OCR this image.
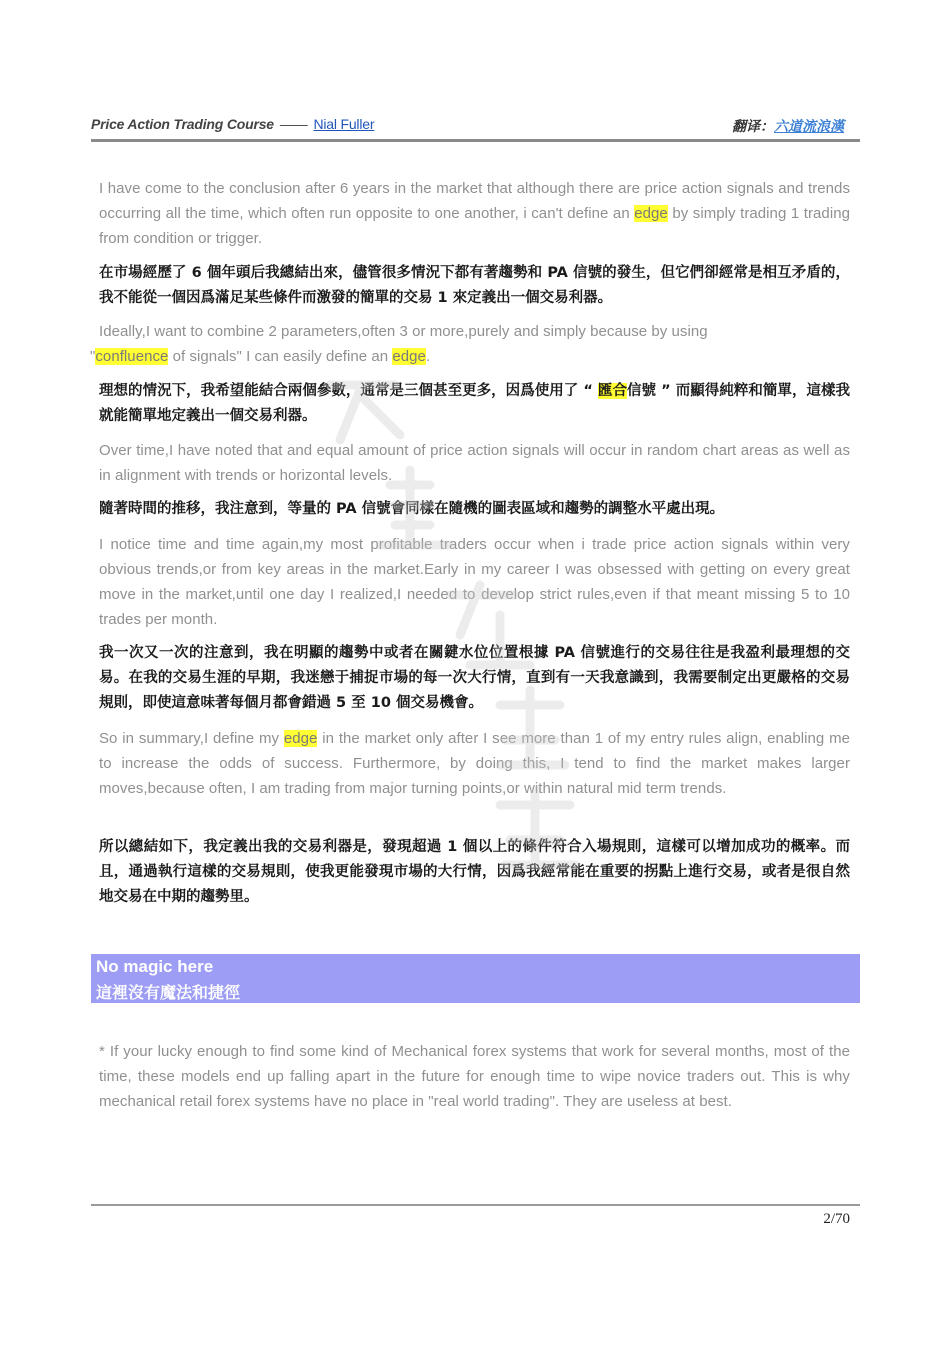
Price Action Trading Course —— Nial Fuller	翻译：六道流浪漢

I have come to the conclusion after 6 years in the market that although there are price action signals and trends occurring all the time, which often run opposite to one another, i can't define an edge by simply trading 1 trading from condition or trigger.

在市場經歷了 6 個年頭后我總結出來，儘管很多情況下都有著趨勢和 PA 信號的發生，但它們卻經常是相互矛盾的，我不能從一個因爲滿足某些條件而激發的簡單的交易 1 來定義出一個交易利器。

Ideally,I want to combine 2 parameters,often 3 or more,purely and simply because by using
"confluence of signals" I can easily define an edge.

理想的情況下，我希望能結合兩個參數，通常是三個甚至更多，因爲使用了 “ 匯合信號 ” 而顯得純粹和簡單，這樣我就能簡單地定義出一個交易利器。

Over time,I have noted that and equal amount of price action signals will occur in random chart areas as well as in alignment with trends or horizontal levels.

隨著時間的推移，我注意到，等量的 PA 信號會同樣在隨機的圖表區域和趨勢的調整水平處出現。

I notice time and time again,my most profitable traders occur when i trade price action signals within very obvious trends,or from key areas in the market.Early in my career I was obsessed with getting on every great move in the market,until one day I realized,I needed to develop strict rules,even if that meant missing 5 to 10 trades per month.

我一次又一次的注意到，我在明顯的趨勢中或者在關鍵水位位置根據 PA 信號進行的交易往往是我盈利最理想的交易。在我的交易生涯的早期，我迷戀于捕捉市場的每一次大行情，直到有一天我意識到，我需要制定出更嚴格的交易規則，即使這意味著每個月都會錯過 5 至 10 個交易機會。

So in summary,I define my edge in the market only after I see more than 1 of my entry rules align, enabling me to increase the odds of success. Furthermore, by doing this, I tend to find the market makes larger moves,because often, I am trading from major turning points,or within natural mid term trends.

所以總結如下，我定義出我的交易利器是，發現超過 1 個以上的條件符合入場規則，這樣可以增加成功的概率。而且，通過執行這樣的交易規則，使我更能發現市場的大行情，因爲我經常能在重要的拐點上進行交易，或者是很自然地交易在中期的趨勢里。

No magic here
這裡沒有魔法和捷徑

* If your lucky enough to find some kind of Mechanical forex systems that work for several months, most of the time, these models end up falling apart in the future for enough time to wipe novice traders out. This is why mechanical retail forex systems have no place in "real world trading". They are useless at best.

2/70
